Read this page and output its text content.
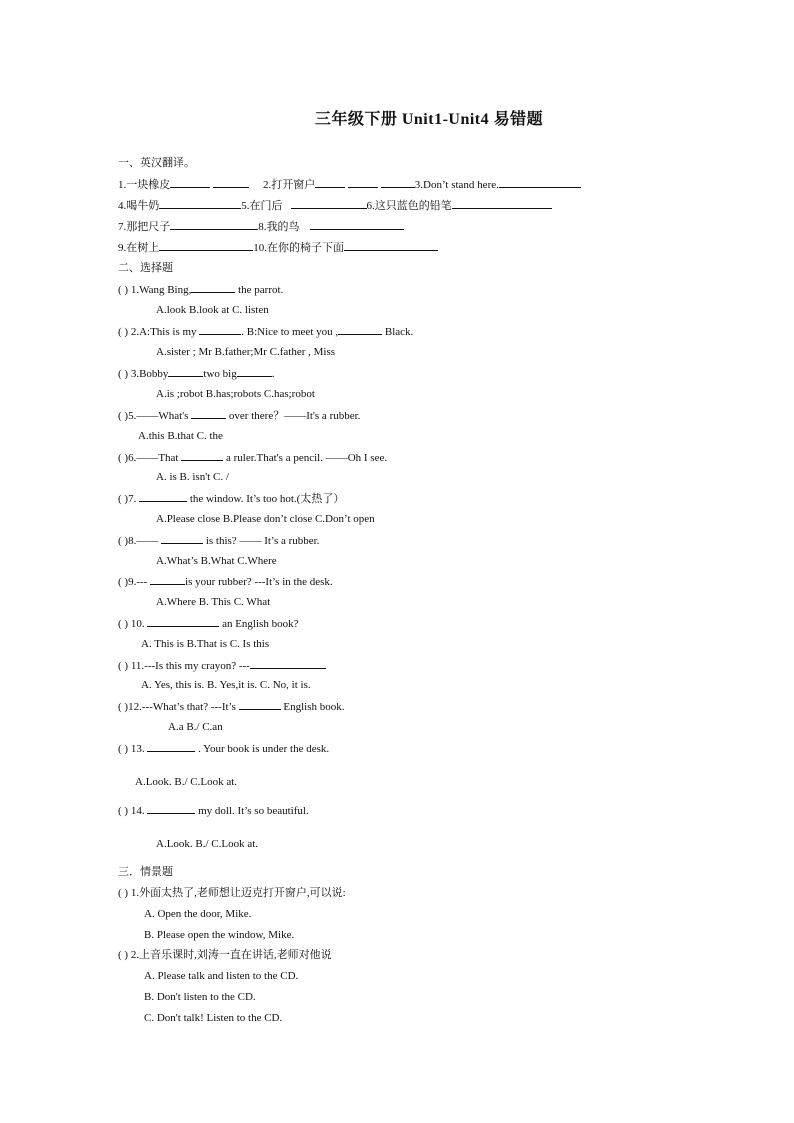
三年级下册 Unit1-Unit4 易错题
一、英汉翻译。
1.一块橡皮	2.打开窗户	3.Don’t stand here.
4.喝牛奶	5.在门后	6.这只蓝色的铅笔
7.那把尺子	8.我的鸟
9.在树上	10.在你的椅子下面
二、选择题
( ) 1.Wang Bing,	the parrot.
A.look B.look at C. listen
( ) 2.A:This is my	. B:Nice to meet you ,	Black.
A.sister ; Mr B.father;Mr C.father , Miss
( ) 3.Bobby	two big	.
A.is ;robot B.has;robots C.has;robot
( )5.——What's	over there？——It's a rubber.
A.this B.that C. the
( )6.——That	a ruler.That's a pencil. ——Oh I see.
A. is B. isn't C. /
( )7.	the window. It’s too hot.(太热了）
A.Please close B.Please don’t close C.Don’t open
( )8.——	is this? —— It’s a rubber.
A.What’s B.What C.Where
( )9.---	is your rubber? ---It’s in the desk.
A.Where B. This C. What
( ) 10.	an English book?
A. This is B.That is C. Is this
( ) 11.---Is this my crayon? ---
A. Yes, this is. B. Yes,it is. C. No, it is.
( )12.---What’s that? ---It’s	English book.
A.a B./ C.an
( ) 13.	. Your book is under the desk.
A.Look. B./ C.Look at.
( ) 14.	my doll. It’s so beautiful.
A.Look. B./ C.Look at.
三．情景题
( ) 1.外面太热了,老师想让迈克打开窗户,可以说:
A. Open the door, Mike.
B. Please open the window, Mike.
( ) 2.上音乐课时,刘涛一直在讲话,老师对他说
A. Please talk and listen to the CD.
B. Don't listen to the CD.
C. Don't talk! Listen to the CD.
